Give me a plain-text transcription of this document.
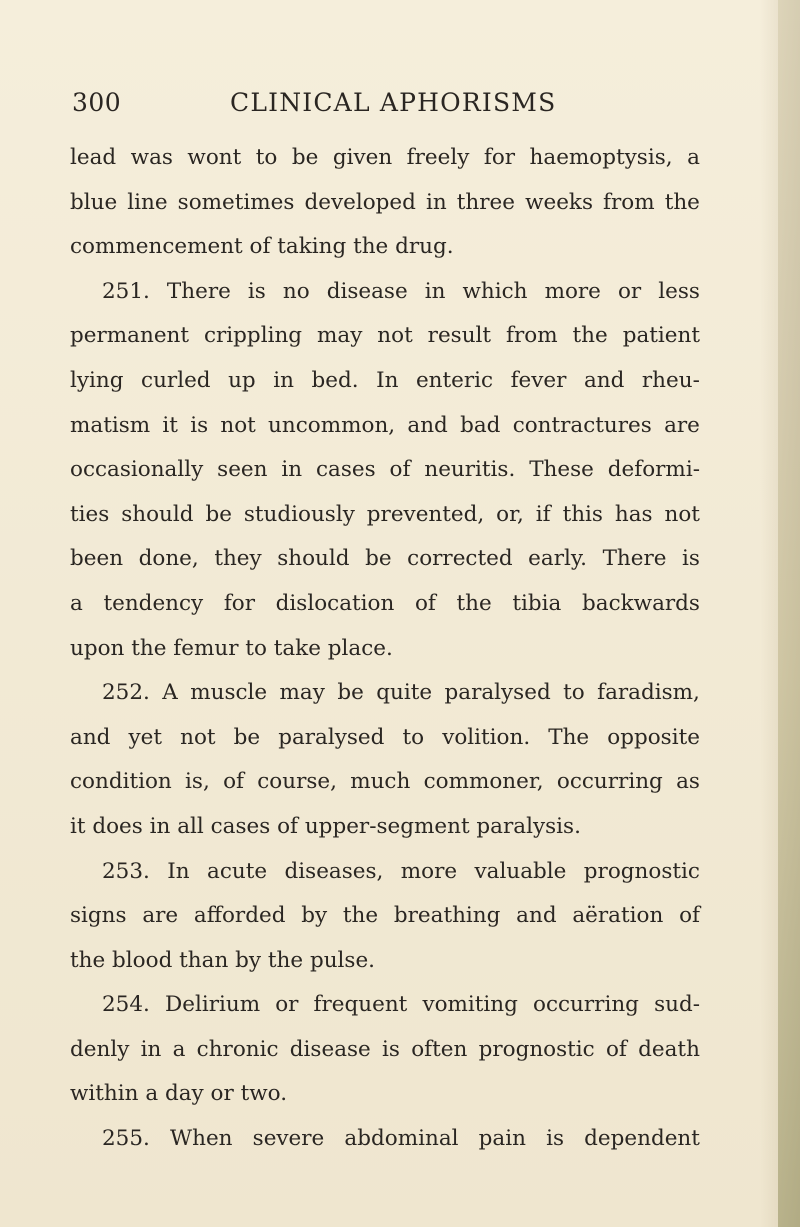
300	CLINICAL APHORISMS
lead was wont to be given freely for haemoptysis, a
blue line sometimes developed in three weeks from the
commencement of taking the drug.
251. There is no disease in which more or less
permanent crippling may not result from the patient
lying curled up in bed. In enteric fever and rheu-
matism it is not uncommon, and bad contractures are
occasionally seen in cases of neuritis. These deformi-
ties should be studiously prevented, or, if this has not
been done, they should be corrected early. There is
a tendency for dislocation of the tibia backwards
upon the femur to take place.
252. A muscle may be quite paralysed to faradism,
and yet not be paralysed to volition. The opposite
condition is, of course, much commoner, occurring as
it does in all cases of upper-segment paralysis.
253. In acute diseases, more valuable prognostic
signs are afforded by the breathing and aëration of
the blood than by the pulse.
254. Delirium or frequent vomiting occurring sud-
denly in a chronic disease is often prognostic of death
within a day or two.
255. When severe abdominal pain is dependent
